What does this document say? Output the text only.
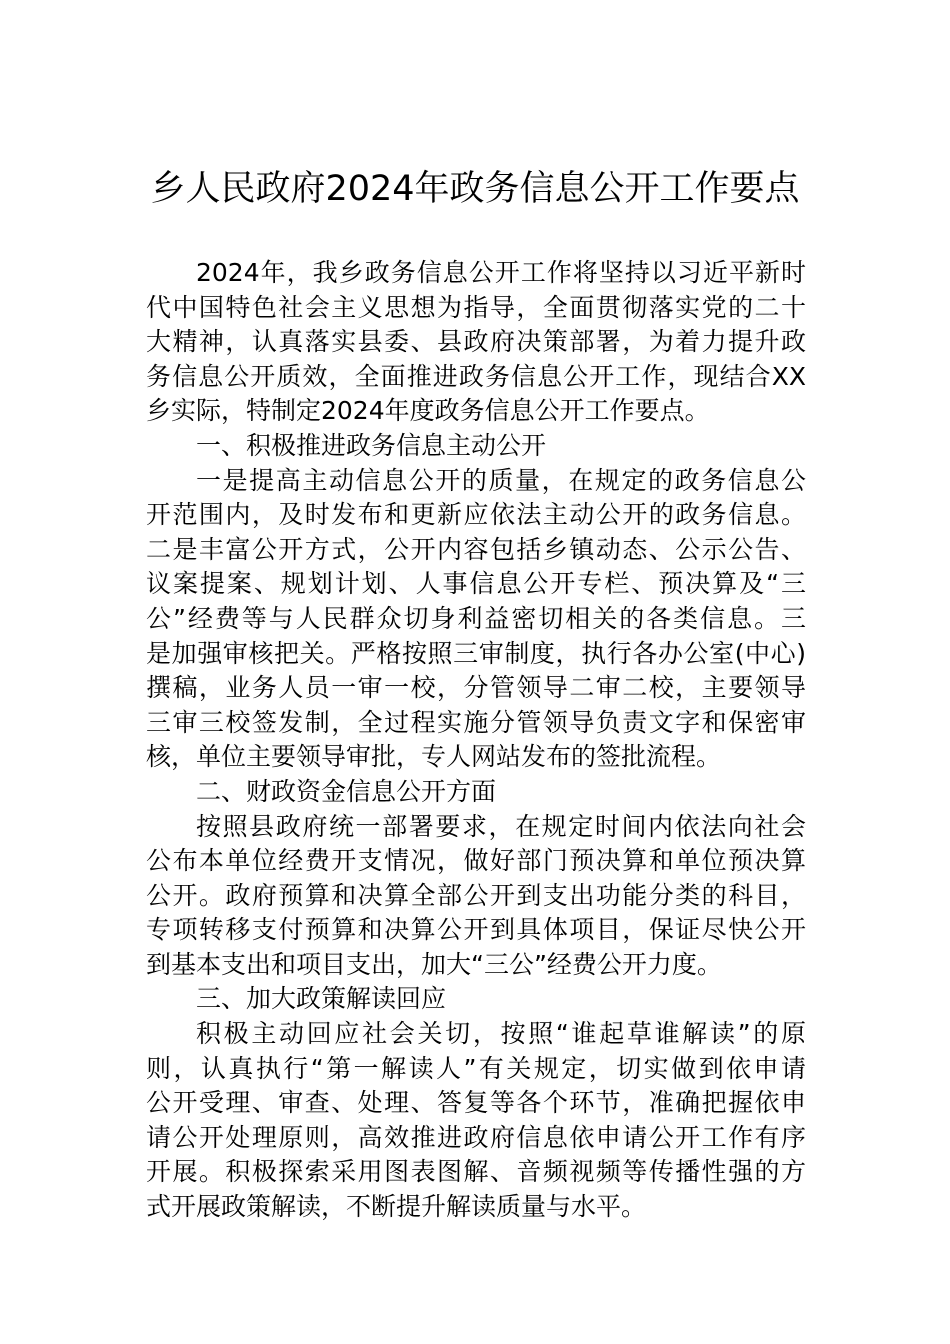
乡人民政府2024年政务信息公开工作要点
2024年，我乡政务信息公开工作将坚持以习近平新时
代中国特色社会主义思想为指导，全面贯彻落实党的二十
大精神，认真落实县委、县政府决策部署，为着力提升政
务信息公开质效，全面推进政务信息公开工作，现结合XX
乡实际，特制定2024年度政务信息公开工作要点。
一、积极推进政务信息主动公开
一是提高主动信息公开的质量，在规定的政务信息公
开范围内，及时发布和更新应依法主动公开的政务信息。
二是丰富公开方式，公开内容包括乡镇动态、公示公告、
议案提案、规划计划、人事信息公开专栏、预决算及“三
公”经费等与人民群众切身利益密切相关的各类信息。三
是加强审核把关。严格按照三审制度，执行各办公室(中心)
撰稿，业务人员一审一校，分管领导二审二校，主要领导
三审三校签发制，全过程实施分管领导负责文字和保密审
核，单位主要领导审批，专人网站发布的签批流程。
二、财政资金信息公开方面
按照县政府统一部署要求，在规定时间内依法向社会
公布本单位经费开支情况，做好部门预决算和单位预决算
公开。政府预算和决算全部公开到支出功能分类的科目，
专项转移支付预算和决算公开到具体项目，保证尽快公开
到基本支出和项目支出，加大“三公”经费公开力度。
三、加大政策解读回应
积极主动回应社会关切，按照“谁起草谁解读”的原
则，认真执行“第一解读人”有关规定，切实做到依申请
公开受理、审查、处理、答复等各个环节，准确把握依申
请公开处理原则，高效推进政府信息依申请公开工作有序
开展。积极探索采用图表图解、音频视频等传播性强的方
式开展政策解读，不断提升解读质量与水平。
